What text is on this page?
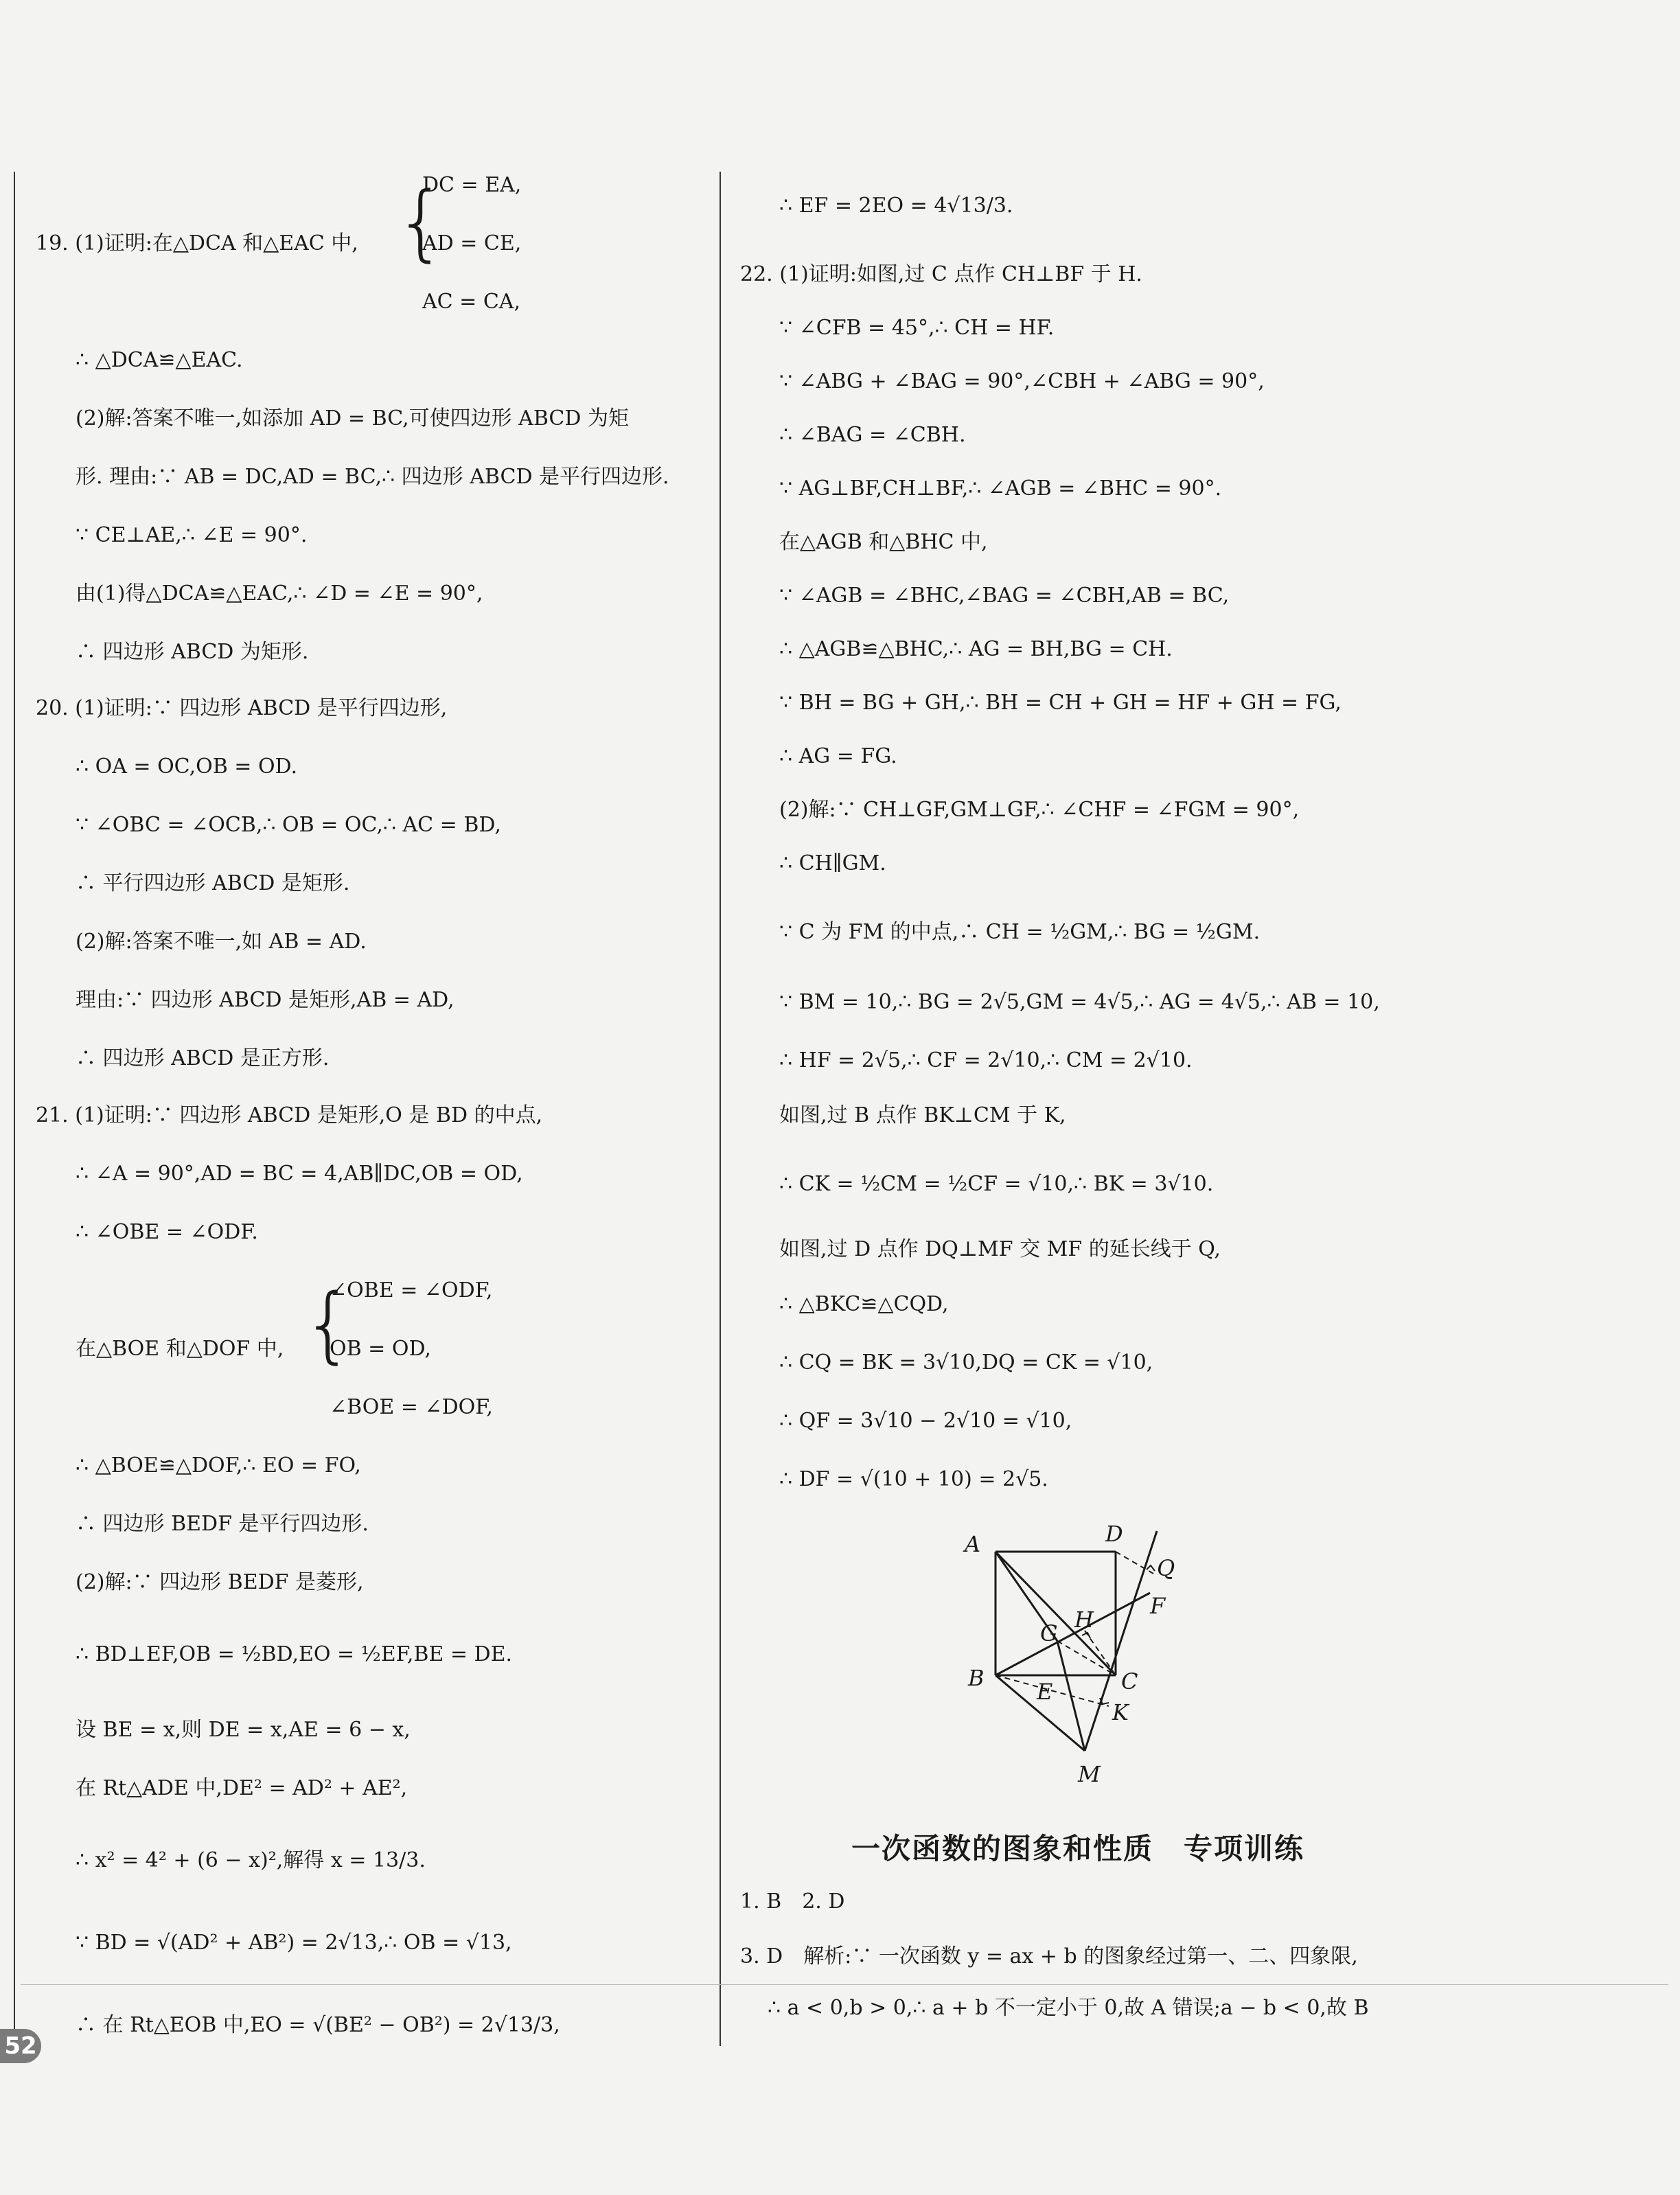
{
DC = EA,
AD = CE,
AC = CA,
19. (1)证明:在△DCA 和△EAC 中,
∴ △DCA≌△EAC.
(2)解:答案不唯一,如添加 AD = BC,可使四边形 ABCD 为矩
形. 理由:∵ AB = DC,AD = BC,∴ 四边形 ABCD 是平行四边形.
∵ CE⊥AE,∴ ∠E = 90°.
由(1)得△DCA≌△EAC,∴ ∠D = ∠E = 90°,
∴ 四边形 ABCD 为矩形.
20. (1)证明:∵ 四边形 ABCD 是平行四边形,
∴ OA = OC,OB = OD.
∵ ∠OBC = ∠OCB,∴ OB = OC,∴ AC = BD,
∴ 平行四边形 ABCD 是矩形.
(2)解:答案不唯一,如 AB = AD.
理由:∵ 四边形 ABCD 是矩形,AB = AD,
∴ 四边形 ABCD 是正方形.
21. (1)证明:∵ 四边形 ABCD 是矩形,O 是 BD 的中点,
∴ ∠A = 90°,AD = BC = 4,AB∥DC,OB = OD,
∴ ∠OBE = ∠ODF.
{
在△BOE 和△DOF 中,
∠OBE = ∠ODF,
OB = OD,
∠BOE = ∠DOF,
∴ △BOE≌△DOF,∴ EO = FO,
∴ 四边形 BEDF 是平行四边形.
(2)解:∵ 四边形 BEDF 是菱形,
∴ BD⊥EF,OB = ½BD,EO = ½EF,BE = DE.
设 BE = x,则 DE = x,AE = 6 − x,
在 Rt△ADE 中,DE² = AD² + AE²,
∴ x² = 4² + (6 − x)²,解得 x = 13/3.
∵ BD = √(AD² + AB²) = 2√13,∴ OB = √13,
∴ 在 Rt△EOB 中,EO = √(BE² − OB²) = 2√13/3,
∴ EF = 2EO = 4√13/3.
22. (1)证明:如图,过 C 点作 CH⊥BF 于 H.
∵ ∠CFB = 45°,∴ CH = HF.
∵ ∠ABG + ∠BAG = 90°,∠CBH + ∠ABG = 90°,
∴ ∠BAG = ∠CBH.
∵ AG⊥BF,CH⊥BF,∴ ∠AGB = ∠BHC = 90°.
在△AGB 和△BHC 中,
∵ ∠AGB = ∠BHC,∠BAG = ∠CBH,AB = BC,
∴ △AGB≌△BHC,∴ AG = BH,BG = CH.
∵ BH = BG + GH,∴ BH = CH + GH = HF + GH = FG,
∴ AG = FG.
(2)解:∵ CH⊥GF,GM⊥GF,∴ ∠CHF = ∠FGM = 90°,
∴ CH∥GM.
∵ C 为 FM 的中点,∴ CH = ½GM,∴ BG = ½GM.
∵ BM = 10,∴ BG = 2√5,GM = 4√5,∴ AG = 4√5,∴ AB = 10,
∴ HF = 2√5,∴ CF = 2√10,∴ CM = 2√10.
如图,过 B 点作 BK⊥CM 于 K,
∴ CK = ½CM = ½CF = √10,∴ BK = 3√10.
如图,过 D 点作 DQ⊥MF 交 MF 的延长线于 Q,
∴ △BKC≌△CQD,
∴ CQ = BK = 3√10,DQ = CK = √10,
∴ QF = 3√10 − 2√10 = √10,
∴ DF = √(10 + 10) = 2√5.
A	D
Q
F
H
G
B
E	C
K
M
一次函数的图象和性质　专项训练
1. B　2. D
3. D　解析:∵ 一次函数 y = ax + b 的图象经过第一、二、四象限,
∴ a < 0,b > 0,∴ a + b 不一定小于 0,故 A 错误;a − b < 0,故 B
52
